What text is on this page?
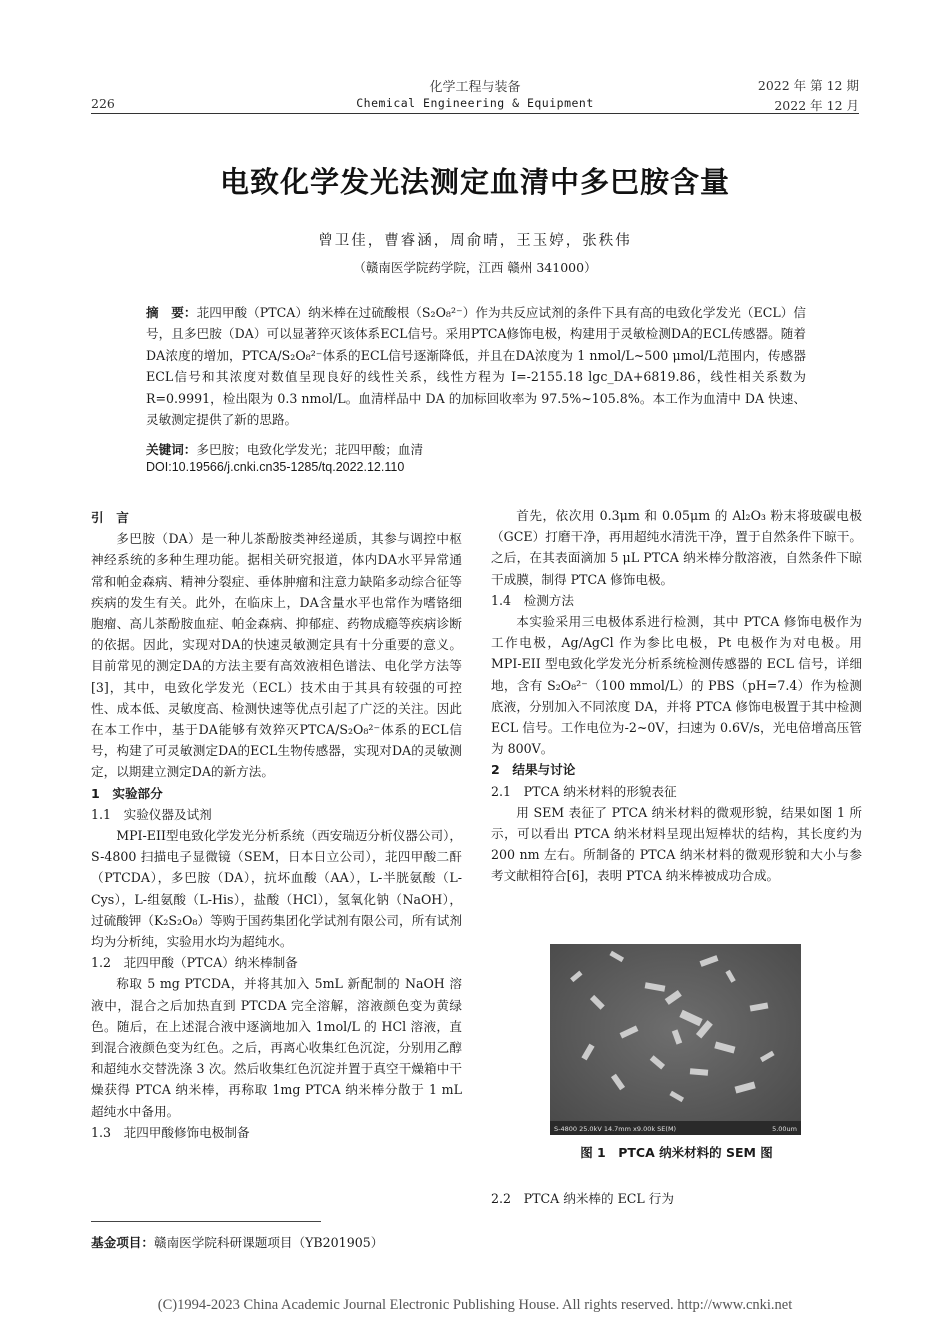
226
化学工程与装备
Chemical Engineering & Equipment
2022 年 第 12 期
2022 年 12 月
电致化学发光法测定血清中多巴胺含量
曾卫佳，曹睿涵，周俞晴，王玉婷，张秩伟
（赣南医学院药学院，江西 赣州 341000）
摘　要：苝四甲酸（PTCA）纳米棒在过硫酸根（S₂O₈²⁻）作为共反应试剂的条件下具有高的电致化学发光（ECL）信号，且多巴胺（DA）可以显著猝灭该体系ECL信号。采用PTCA修饰电极，构建用于灵敏检测DA的ECL传感器。随着DA浓度的增加，PTCA/S₂O₈²⁻体系的ECL信号逐渐降低，并且在DA浓度为 1 nmol/L~500 μmol/L范围内，传感器ECL信号和其浓度对数值呈现良好的线性关系，线性方程为 I=-2155.18 lgc_DA+6819.86，线性相关系数为 R=0.9991，检出限为 0.3 nmol/L。血清样品中 DA 的加标回收率为 97.5%~105.8%。本工作为血清中 DA 快速、灵敏测定提供了新的思路。
关键词：多巴胺；电致化学发光；苝四甲酸；血清
DOI:10.19566/j.cnki.cn35-1285/tq.2022.12.110

引　言

多巴胺（DA）是一种儿茶酚胺类神经递质，其参与调控中枢神经系统的多种生理功能。据相关研究报道，体内DA水平异常通常和帕金森病、精神分裂症、垂体肿瘤和注意力缺陷多动综合征等疾病的发生有关。此外，在临床上，DA含量水平也常作为嗜铬细胞瘤、高儿茶酚胺血症、帕金森病、抑郁症、药物成瘾等疾病诊断的依据。因此，实现对DA的快速灵敏测定具有十分重要的意义。目前常见的测定DA的方法主要有高效液相色谱法、电化学方法等[3]，其中，电致化学发光（ECL）技术由于其具有较强的可控性、成本低、灵敏度高、检测快速等优点引起了广泛的关注。因此在本工作中，基于DA能够有效猝灭PTCA/S₂O₈²⁻体系的ECL信号，构建了可灵敏测定DA的ECL生物传感器，实现对DA的灵敏测定，以期建立测定DA的新方法。

1　实验部分

1.1　实验仪器及试剂

MPI-EII型电致化学发光分析系统（西安瑞迈分析仪器公司），S-4800 扫描电子显微镜（SEM，日本日立公司），苝四甲酸二酐（PTCDA），多巴胺（DA），抗坏血酸（AA），L-半胱氨酸（L-Cys），L-组氨酸（L-His），盐酸（HCl），氢氧化钠（NaOH），过硫酸钾（K₂S₂O₈）等购于国药集团化学试剂有限公司，所有试剂均为分析纯，实验用水均为超纯水。

1.2　苝四甲酸（PTCA）纳米棒制备

称取 5 mg PTCDA，并将其加入 5mL 新配制的 NaOH 溶液中，混合之后加热直到 PTCDA 完全溶解，溶液颜色变为黄绿色。随后，在上述混合液中逐滴地加入 1mol/L 的 HCl 溶液，直到混合液颜色变为红色。之后，再离心收集红色沉淀，分别用乙醇和超纯水交替洗涤 3 次。然后收集红色沉淀并置于真空干燥箱中干燥获得 PTCA 纳米棒，再称取 1mg PTCA 纳米棒分散于 1 mL 超纯水中备用。

1.3　苝四甲酸修饰电极制备

首先，依次用 0.3μm 和 0.05μm 的 Al₂O₃ 粉末将玻碳电极（GCE）打磨干净，再用超纯水清洗干净，置于自然条件下晾干。之后，在其表面滴加 5 μL PTCA 纳米棒分散溶液，自然条件下晾干成膜，制得 PTCA 修饰电极。

1.4　检测方法

本实验采用三电极体系进行检测，其中 PTCA 修饰电极作为工作电极，Ag/AgCl 作为参比电极，Pt 电极作为对电极。用 MPI-EII 型电致化学发光分析系统检测传感器的 ECL 信号，详细地，含有 S₂O₈²⁻（100 mmol/L）的 PBS（pH=7.4）作为检测底液，分别加入不同浓度 DA，并将 PTCA 修饰电极置于其中检测 ECL 信号。工作电位为-2~0V，扫速为 0.6V/s，光电倍增高压管为 800V。

2　结果与讨论

2.1　PTCA 纳米材料的形貌表征

用 SEM 表征了 PTCA 纳米材料的微观形貌，结果如图 1 所示，可以看出 PTCA 纳米材料呈现出短棒状的结构，其长度约为 200 nm 左右。所制备的 PTCA 纳米材料的微观形貌和大小与参考文献相符合[6]，表明 PTCA 纳米棒被成功合成。

S-4800 25.0kV 14.7mm x9.00k SE(M)	5.00um
图 1　PTCA 纳米材料的 SEM 图
2.2　PTCA 纳米棒的 ECL 行为
基金项目：赣南医学院科研课题项目（YB201905）
(C)1994-2023 China Academic Journal Electronic Publishing House. All rights reserved. http://www.cnki.net
